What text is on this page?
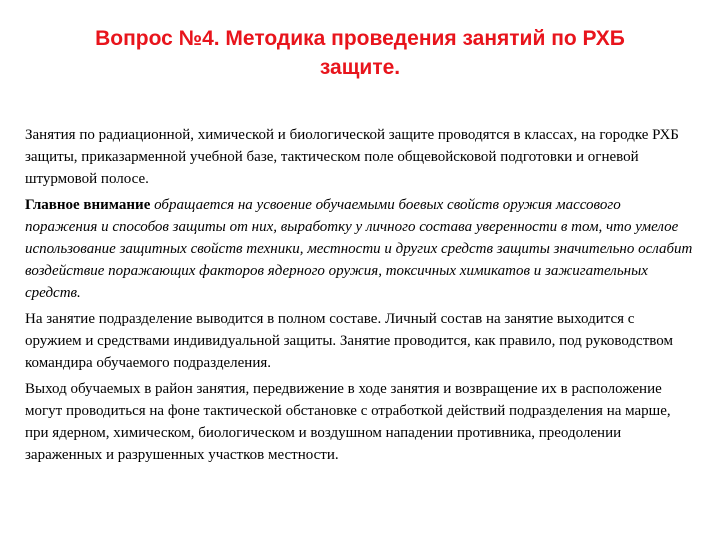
Вопрос №4. Методика проведения занятий по РХБ
защите.

Занятия по радиационной, химической и биологической защите проводятся в классах, на городке РХБ защиты, приказарменной учебной базе, тактическом поле общевойсковой подготовки и огневой штурмовой полосе.

Главное внимание обращается на усвоение обучаемыми боевых свойств оружия массового поражения и способов защиты от них, выработку у личного состава уверенности в том, что умелое использование защитных свойств техники, местности и других средств защиты значительно ослабит воздействие поражающих факторов ядерного оружия, токсичных химикатов и зажигательных средств.

На занятие подразделение выводится в полном составе. Личный состав на занятие выходится с оружием и средствами индивидуальной защиты. Занятие проводится, как правило, под руководством командира обучаемого подразделения.

Выход обучаемых в район занятия, передвижение в ходе занятия и возвращение их в расположение могут проводиться на фоне тактической обстановке с отработкой действий подразделения на марше, при ядерном, химическом, биологическом и воздушном нападении противника, преодолении зараженных и разрушенных участков местности.
